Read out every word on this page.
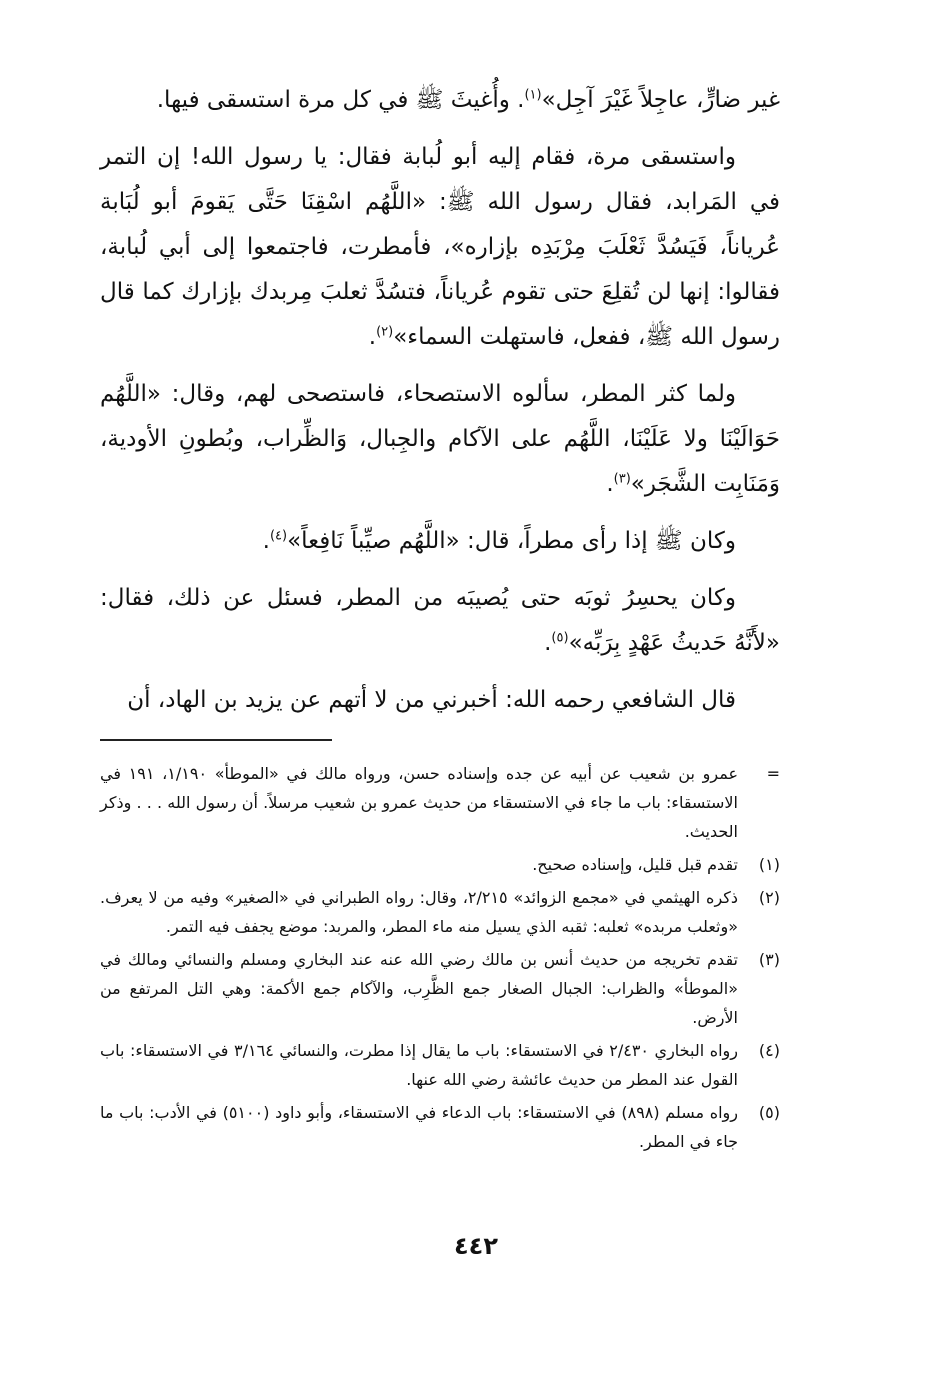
غير ضارٍّ، عاجِلاً غَيْرَ آجِل»$^{(١)}$. وأُغيثَ ﷺ في كل مرة استسقى فيها.

واستسقى مرة، فقام إليه أبو لُبابة فقال: يا رسول الله! إن التمر في المَرابد، فقال رسول الله ﷺ: «اللَّهُم اسْقِنَا حَتَّى يَقومَ أبو لُبَابة عُرياناً، فَيَسُدَّ ثَعْلَبَ مِرْبَدِه بإزاره»، فأمطرت، فاجتمعوا إلى أبي لُبابة، فقالوا: إنها لن تُقلِعَ حتى تقوم عُرياناً، فتسُدَّ ثعلبَ مِربدك بإزارك كما قال رسول الله ﷺ، ففعل، فاستهلت السماء»$^{(٢)}$.

ولما كثر المطر، سألوه الاستصحاء، فاستصحى لهم، وقال: «اللَّهُم حَوَالَيْنَا ولا عَلَيْنَا، اللَّهُم على الآكام والجِبال، وَالظِّراب، وبُطونِ الأودية، وَمَنَابِت الشَّجَر»$^{(٣)}$.

وكان ﷺ إذا رأى مطراً، قال: «اللَّهُم صيِّباً نَافِعاً»$^{(٤)}$.

وكان يحسِرُ ثوبَه حتى يُصيبَه من المطر، فسئل عن ذلك، فقال: «لأَنَّهُ حَديثُ عَهْدٍ بِرَبِّه»$^{(٥)}$.

قال الشافعي رحمه الله: أخبرني من لا أتهم عن يزيد بن الهاد، أن

=
عمرو بن شعيب عن أبيه عن جده وإسناده حسن، ورواه مالك في «الموطأ» ١/١٩٠، ١٩١ في الاستسقاء: باب ما جاء في الاستسقاء من حديث عمرو بن شعيب مرسلاً. أن رسول الله . . . وذكر الحديث.
(١)
تقدم قبل قليل، وإسناده صحيح.
(٢)
ذكره الهيثمي في «مجمع الزوائد» ٢/٢١٥، وقال: رواه الطبراني في «الصغير» وفيه من لا يعرف. «وثعلب مربده» ثعلبه: ثقبه الذي يسيل منه ماء المطر، والمربد: موضع يجفف فيه التمر.
(٣)
تقدم تخريجه من حديث أنس بن مالك رضي الله عنه عند البخاري ومسلم والنسائي ومالك في «الموطأ» والظراب: الجبال الصغار جمع الظَّرِب، والآكام جمع الأكمة: وهي التل المرتفع من الأرض.
(٤)
رواه البخاري ٢/٤٣٠ في الاستسقاء: باب ما يقال إذا مطرت، والنسائي ٣/١٦٤ في الاستسقاء: باب القول عند المطر من حديث عائشة رضي الله عنها.
(٥)
رواه مسلم (٨٩٨) في الاستسقاء: باب الدعاء في الاستسقاء، وأبو داود (٥١٠٠) في الأدب: باب ما جاء في المطر.
٤٤٢
